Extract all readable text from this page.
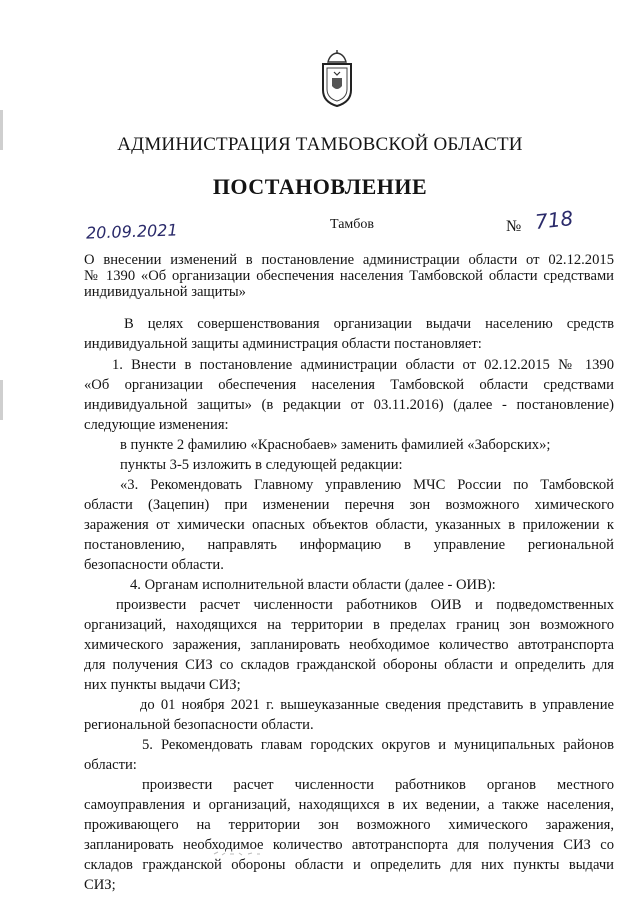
АДМИНИСТРАЦИЯ ТАМБОВСКОЙ ОБЛАСТИ
ПОСТАНОВЛЕНИЕ
20.09.2021	Тамбов	№ 718
О внесении изменений в постановление администрации области от 02.12.2015
№ 1390 «Об организации обеспечения населения Тамбовской области средствами
индивидуальной защиты»
В целях совершенствования организации выдачи населению средств
индивидуальной защиты администрация области постановляет:
1. Внести в постановление администрации области от 02.12.2015 № 1390
«Об организации обеспечения населения Тамбовской области средствами
индивидуальной защиты» (в редакции от 03.11.2016) (далее - постановление)
следующие изменения:
в пункте 2 фамилию «Краснобаев» заменить фамилией «Заборских»;
пункты 3-5 изложить в следующей редакции:
«3. Рекомендовать Главному управлению МЧС России по Тамбовской
области (Зацепин) при изменении перечня зон возможного химического
заражения от химически опасных объектов области, указанных в приложении к
постановлению, направлять информацию в управление региональной
безопасности области.
4. Органам исполнительной власти области (далее - ОИВ):
произвести расчет численности работников ОИВ и подведомственных
организаций, находящихся на территории в пределах границ зон возможного
химического заражения, запланировать необходимое количество автотранспорта
для получения СИЗ со складов гражданской обороны области и определить для
них пункты выдачи СИЗ;
до 01 ноября 2021 г. вышеуказанные сведения представить в управление
региональной безопасности области.
5. Рекомендовать главам городских округов и муниципальных районов
области:
произвести расчет численности работников органов местного
самоуправления и организаций, находящихся в их ведении, а также населения,
проживающего на территории зон возможного химического заражения,
запланировать необходимое количество автотранспорта для получения СИЗ со
складов гражданской обороны области и определить для них пункты выдачи
СИЗ;
